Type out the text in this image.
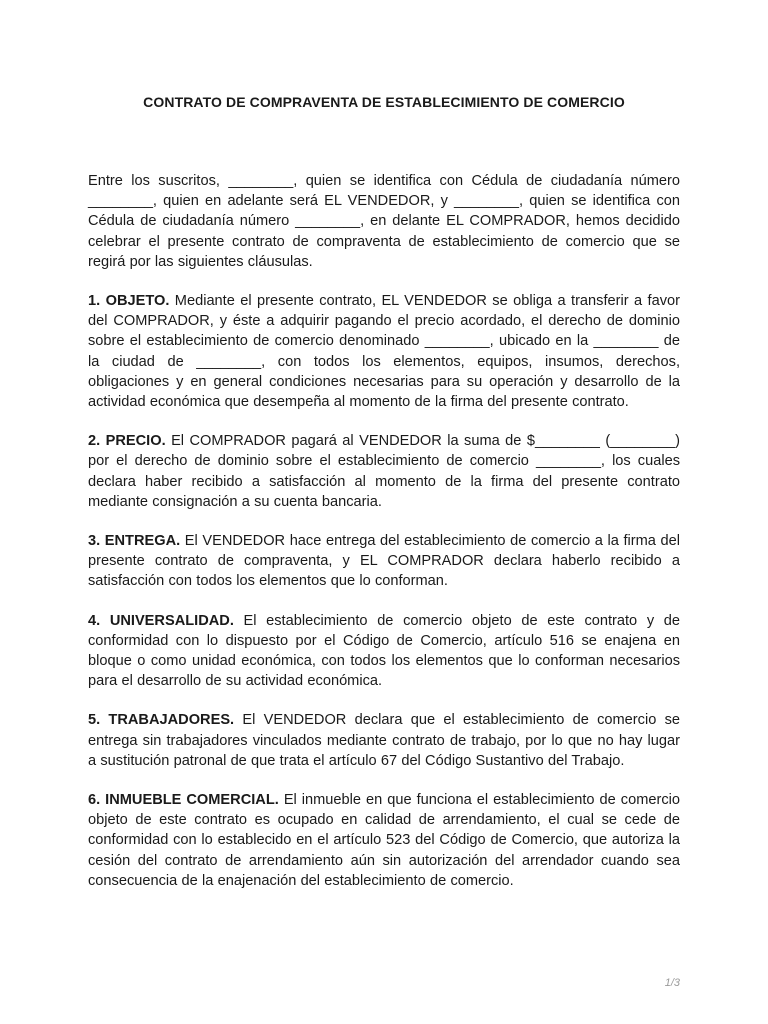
CONTRATO DE COMPRAVENTA DE ESTABLECIMIENTO DE COMERCIO

Entre los suscritos, ________, quien se identifica con Cédula de ciudadanía número ________, quien en adelante será EL VENDEDOR, y ________, quien se identifica con Cédula de ciudadanía número ________, en delante EL COMPRADOR, hemos decidido celebrar el presente contrato de compraventa de establecimiento de comercio que se regirá por las siguientes cláusulas.

1. OBJETO. Mediante el presente contrato, EL VENDEDOR se obliga a transferir a favor del COMPRADOR, y éste a adquirir pagando el precio acordado, el derecho de dominio sobre el establecimiento de comercio denominado ________, ubicado en la ________ de la ciudad de ________, con todos los elementos, equipos, insumos, derechos, obligaciones y en general condiciones necesarias para su operación y desarrollo de la actividad económica que desempeña al momento de la firma del presente contrato.

2. PRECIO. El COMPRADOR pagará al VENDEDOR la suma de $________ (________) por el derecho de dominio sobre el establecimiento de comercio ________, los cuales declara haber recibido a satisfacción al momento de la firma del presente contrato mediante consignación a su cuenta bancaria.

3. ENTREGA. El VENDEDOR hace entrega del establecimiento de comercio a la firma del presente contrato de compraventa, y EL COMPRADOR declara haberlo recibido a satisfacción con todos los elementos que lo conforman.

4. UNIVERSALIDAD. El establecimiento de comercio objeto de este contrato y de conformidad con lo dispuesto por el Código de Comercio, artículo 516 se enajena en bloque o como unidad económica, con todos los elementos que lo conforman necesarios para el desarrollo de su actividad económica.

5. TRABAJADORES. El VENDEDOR declara que el establecimiento de comercio se entrega sin trabajadores vinculados mediante contrato de trabajo, por lo que no hay lugar a sustitución patronal de que trata el artículo 67 del Código Sustantivo del Trabajo.

6. INMUEBLE COMERCIAL. El inmueble en que funciona el establecimiento de comercio objeto de este contrato es ocupado en calidad de arrendamiento, el cual se cede de conformidad con lo establecido en el artículo 523 del Código de Comercio, que autoriza la cesión del contrato de arrendamiento aún sin autorización del arrendador cuando sea consecuencia de la enajenación del establecimiento de comercio.

1/3
